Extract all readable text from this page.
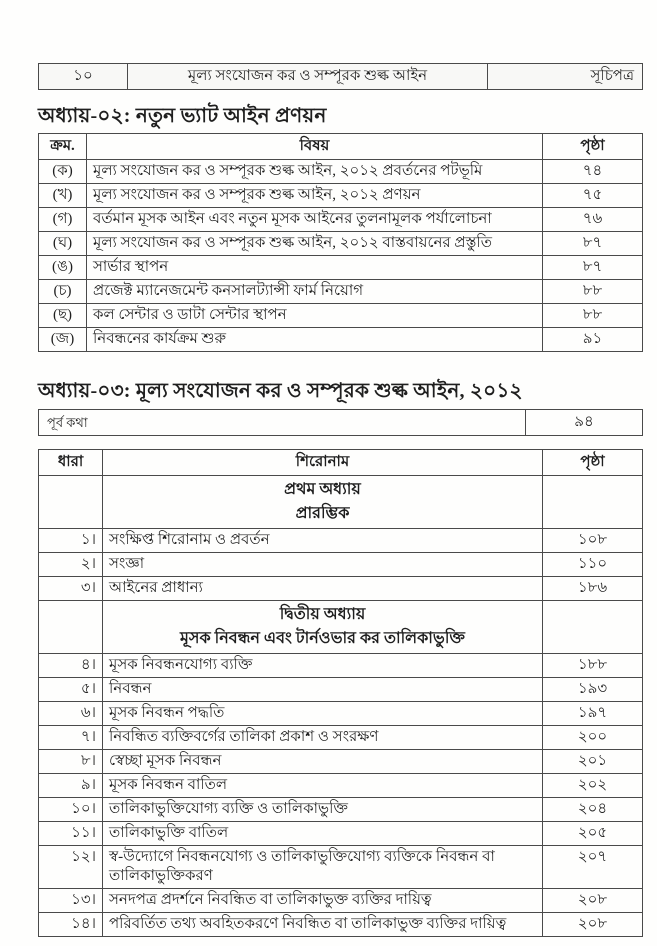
১০	মূল্য সংযোজন কর ও সম্পূরক শুল্ক আইন	সূচিপত্র
অধ্যায়-০২: নতুন ভ্যাট আইন প্রণয়ন
ক্রম.	বিষয়	পৃষ্ঠা
(ক)	মূল্য সংযোজন কর ও সম্পূরক শুল্ক আইন, ২০১২ প্রবর্তনের পটভূমি	৭৪
(খ)	মূল্য সংযোজন কর ও সম্পূরক শুল্ক আইন, ২০১২ প্রণয়ন	৭৫
(গ)	বর্তমান মূসক আইন এবং নতুন মূসক আইনের তুলনামূলক পর্যালোচনা	৭৬
(ঘ)	মূল্য সংযোজন কর ও সম্পূরক শুল্ক আইন, ২০১২ বাস্তবায়নের প্রস্তুতি	৮৭
(ঙ)	সার্ভার স্থাপন	৮৭
(চ)	প্রজেক্ট ম্যানেজমেন্ট কনসালট্যান্সী ফার্ম নিয়োগ	৮৮
(ছ)	কল সেন্টার ও ডাটা সেন্টার স্থাপন	৮৮
(জ)	নিবন্ধনের কার্যক্রম শুরু	৯১
অধ্যায়-০৩: মূল্য সংযোজন কর ও সম্পূরক শুল্ক আইন, ২০১২
পূর্ব কথা	৯৪
ধারা	শিরোনাম	পৃষ্ঠা

	প্রথম অধ্যায়
প্রারম্ভিক	

১।	সংক্ষিপ্ত শিরোনাম ও প্রবর্তন	১০৮
২।	সংজ্ঞা	১১০
৩।	আইনের প্রাধান্য	১৮৬

	দ্বিতীয় অধ্যায়
মূসক নিবন্ধন এবং টার্নওভার কর তালিকাভুক্তি	

৪।	মূসক নিবন্ধনযোগ্য ব্যক্তি	১৮৮
৫।	নিবন্ধন	১৯৩
৬।	মূসক নিবন্ধন পদ্ধতি	১৯৭
৭।	নিবন্ধিত ব্যক্তিবর্গের তালিকা প্রকাশ ও সংরক্ষণ	২০০
৮।	স্বেচ্ছা মূসক নিবন্ধন	২০১
৯।	মূসক নিবন্ধন বাতিল	২০২
১০।	তালিকাভুক্তিযোগ্য ব্যক্তি ও তালিকাভুক্তি	২০৪
১১।	তালিকাভুক্তি বাতিল	২০৫
১২।	স্ব-উদ্যোগে নিবন্ধনযোগ্য ও তালিকাভুক্তিযোগ্য ব্যক্তিকে নিবন্ধন বা তালিকাভুক্তিকরণ	২০৭
১৩।	সনদপত্র প্রদর্শনে নিবন্ধিত বা তালিকাভুক্ত ব্যক্তির দায়িত্ব	২০৮
১৪।	পরিবর্তিত তথ্য অবহিতকরণে নিবন্ধিত বা তালিকাভুক্ত ব্যক্তির দায়িত্ব	২০৮
